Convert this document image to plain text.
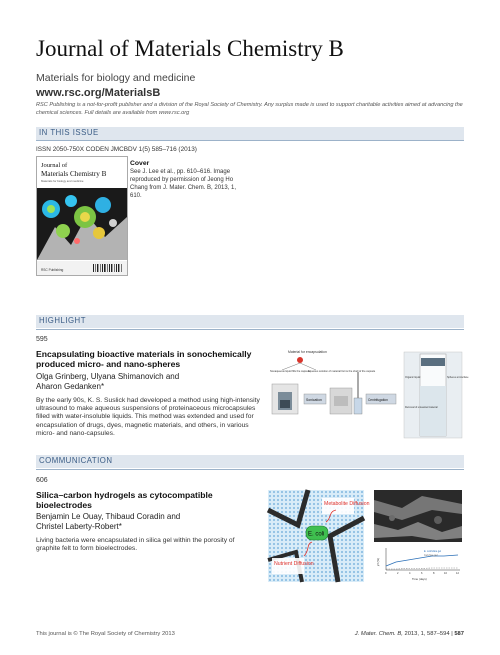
Journal of Materials Chemistry B
Materials for biology and medicine
www.rsc.org/MaterialsB
RSC Publishing is a not-for-profit publisher and a division of the Royal Society of Chemistry. Any surplus made is used to support charitable activities aimed at advancing the chemical sciences. Full details are available from www.rsc.org
IN THIS ISSUE
ISSN 2050-750X CODEN JMCBDV 1(5) 585–716 (2013)
Journal of
Materials Chemistry B
Materials for biology and medicine
RSC Publishing
Cover
See J. Lee et al., pp. 610–616. Image reproduced by permission of Jeong Ho Chang from J. Mater. Chem. B, 2013, 1, 610.
HIGHLIGHT
595
Encapsulating bioactive materials in sonochemically produced micro- and nano-spheres
Olga Grinberg, Ulyana Shimanovich and Aharon Gedanken*
By the early 90s, K. S. Suslick had developed a method using high-intensity ultrasound to make aqueous suspensions of proteinaceous microcapsules filled with water-insoluble liquids. This method was extended and used for encapsulation of drugs, dyes, magnetic materials, and others, in various micro- and nano-capsules.
Material for encapsulation
Nonaqueous liquid fills the capsule
Aqueous solution of material forms the shell of the capsule
Sonication	Centrifugation
Organic liquid
Removal of unreacted material
Spheres at interface
COMMUNICATION
606
Silica–carbon hydrogels as cytocompatible bioelectrodes
Benjamin Le Ouay, Thibaud Coradin and Christel Laberty-Robert*
Living bacteria were encapsulated in silica gel within the porosity of graphite felt to form bioelectrodes.
E. coli
Metabolite Diffusion
Nutrient Diffusion
E. coli/silica gel
Cell-free gel
0	2	4	6	8	10	12
Time (days)
j/J (%)
This journal is © The Royal Society of Chemistry 2013	J. Mater. Chem. B, 2013, 1, 587–594 | 587
